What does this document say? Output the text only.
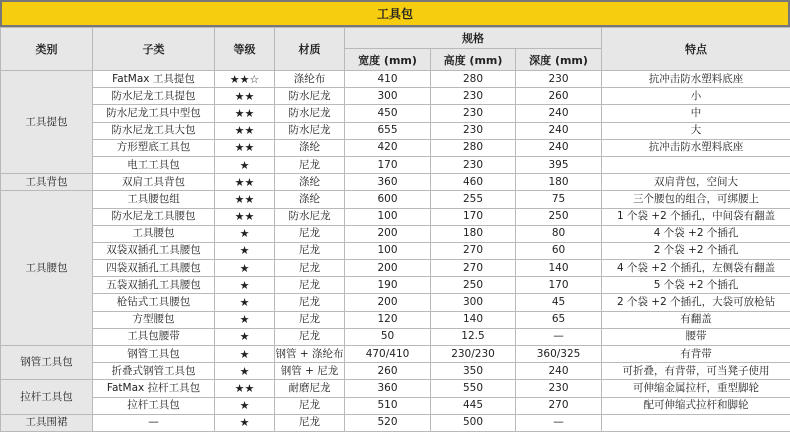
工具包
类别	子类	等级	材质	规格			特点
				宽度 (mm)	高度 (mm)	深度 (mm)	
工具提包	FatMax 工具提包	★★☆	涤纶布	410	280	230	抗冲击防水塑料底座
	防水尼龙工具提包	★★	防水尼龙	300	230	260	小
	防水尼龙工具中型包	★★	防水尼龙	450	230	240	中
	防水尼龙工具大包	★★	防水尼龙	655	230	240	大
	方形塑底工具包	★★	涤纶	420	280	240	抗冲击防水塑料底座
	电工工具包	★	尼龙	170	230	395	
工具背包	双肩工具背包	★★	涤纶	360	460	180	双肩背包，空间大
工具腰包	工具腰包组	★★	涤纶	600	255	75	三个腰包的组合，可绑腰上
	防水尼龙工具腰包	★★	防水尼龙	100	170	250	1 个袋 +2 个插孔，中间袋有翻盖
	工具腰包	★	尼龙	200	180	80	4 个袋 +2 个插孔
	双袋双插孔工具腰包	★	尼龙	100	270	60	2 个袋 +2 个插孔
	四袋双插孔工具腰包	★	尼龙	200	270	140	4 个袋 +2 个插孔，左侧袋有翻盖
	五袋双插孔工具腰包	★	尼龙	190	250	170	5 个袋 +2 个插孔
	枪钻式工具腰包	★	尼龙	200	300	45	2 个袋 +2 个插孔，大袋可放枪钻
	方型腰包	★	尼龙	120	140	65	有翻盖
	工具包腰带	★	尼龙	50	12.5	—	腰带
钢管工具包	钢管工具包	★	钢管 + 涤纶布	470/410	230/230	360/325	有背带
	折叠式钢管工具包	★	钢管 + 尼龙	260	350	240	可折叠，有背带，可当凳子使用
拉杆工具包	FatMax 拉杆工具包	★★	耐磨尼龙	360	550	230	可伸缩金属拉杆，重型脚轮
	拉杆工具包	★	尼龙	510	445	270	配可伸缩式拉杆和脚轮
工具围裙	—	★	尼龙	520	500	—	
